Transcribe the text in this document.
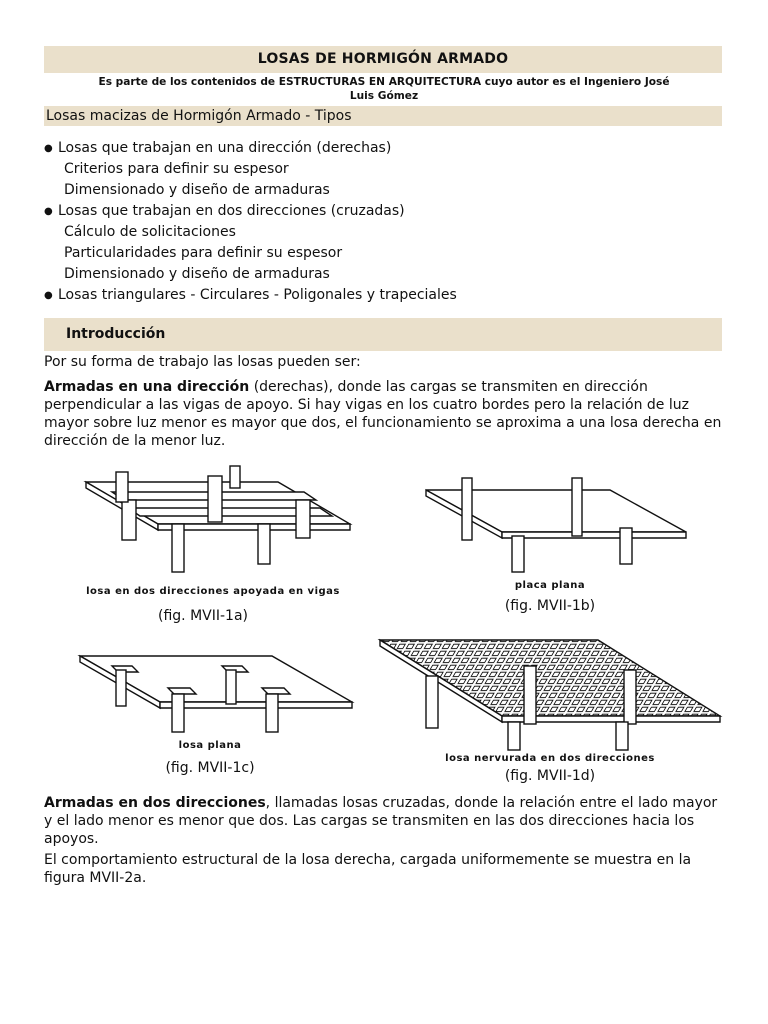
LOSAS DE HORMIGÓN ARMADO
Es parte de los contenidos de ESTRUCTURAS EN ARQUITECTURA cuyo autor es el Ingeniero José
Luis Gómez
Losas macizas de Hormigón Armado - Tipos
● Losas que trabajan en una dirección (derechas)
Criterios para definir su espesor
Dimensionado y diseño de armaduras
● Losas que trabajan en dos direcciones (cruzadas)
Cálculo de solicitaciones
Particularidades para definir su espesor
Dimensionado y diseño de armaduras
● Losas triangulares - Circulares - Poligonales y trapeciales
Introducción

Por su forma de trabajo las losas pueden ser:

Armadas en una dirección (derechas), donde las cargas se transmiten en dirección perpendicular a las vigas de apoyo. Si hay vigas en los cuatro bordes pero la relación de luz mayor sobre luz menor es mayor que dos, el funcionamiento se aproxima a una losa derecha en dirección de la menor luz.

losa en dos direcciones apoyada en vigas
(fig. MVII-1a)
placa plana
(fig. MVII-1b)
losa plana
(fig. MVII-1c)
losa nervurada en dos direcciones
(fig. MVII-1d)

Armadas en dos direcciones, llamadas losas cruzadas, donde la relación entre el lado mayor y el lado menor es menor que dos. Las cargas se transmiten en las dos direcciones hacia los apoyos.

El comportamiento estructural de la losa derecha, cargada uniformemente se muestra en la figura MVII-2a.
